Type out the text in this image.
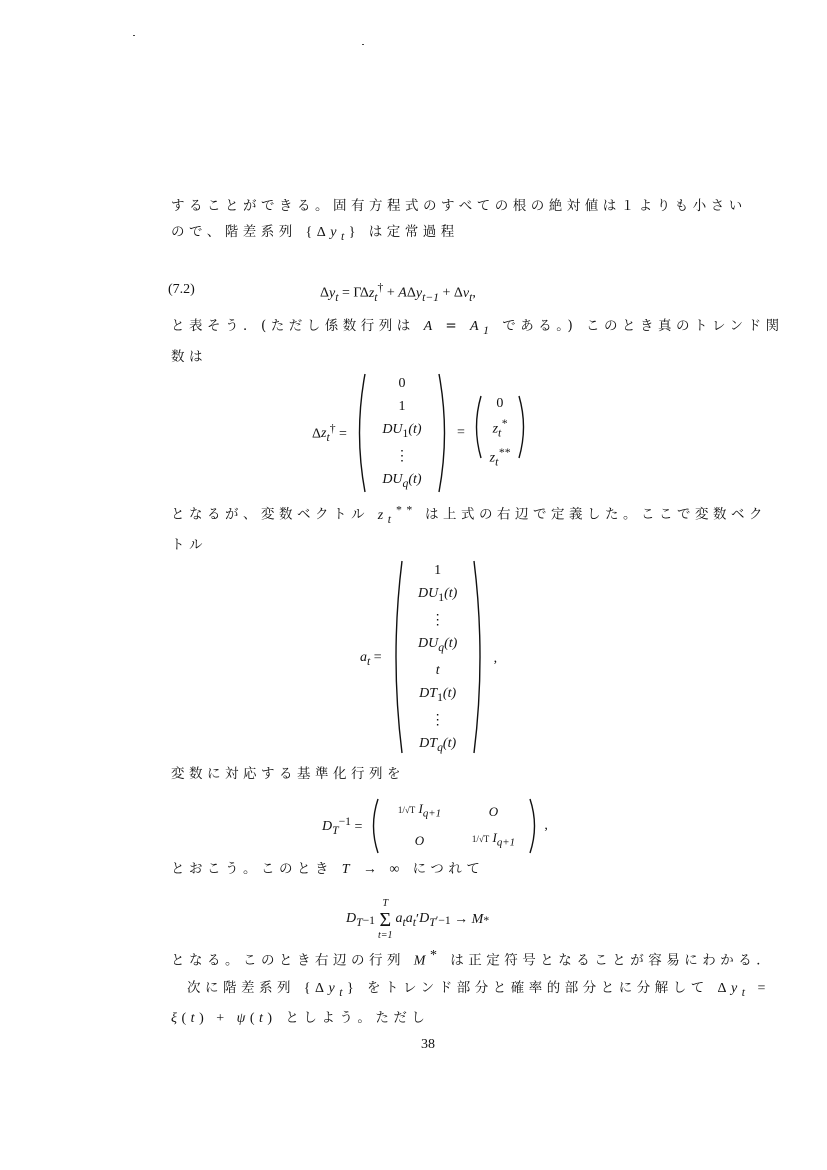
することができる。固有方程式のすべての根の絶対値は１よりも小さい
ので、階差系列 $\{\Delta y_t\}$ は定常過程
(7.2)	$\Delta y_t = \Gamma\Delta z_t^\dagger + A\Delta y_{t-1} + \Delta v_t$,
と表そう．(ただし係数行列は $A = A_1$ である。) このとき真のトレンド関
数は
$\Delta z_t^\dagger$ =
0
1
$DU_1(t)$
⋮
$DU_q(t)$
=
0
$z_t^*$
$z_t^{**}$
となるが、変数ベクトル $z_t^{**}$ は上式の右辺で定義した。ここで変数ベク
トル
$a_t$ =
1
$DU_1(t)$
⋮
$DU_q(t)$
t
$DT_1(t)$
⋮
$DT_q(t)$
,
変数に対応する基準化行列を
$D_T^{-1}$ =
1/√T $I_{q+1}$	O
O	1/√T $I_{q+1}$
,
とおこう。このとき T → ∞ につれて
$D_T -1$
T
Σ
t=1
$a_ta_t$ ′ $D_T$ ′−1 → M *
となる。このとき右辺の行列 M* は正定符号となることが容易にわかる．
次に階差系列 $\{\Delta y_t\}$ をトレンド部分と確率的部分とに分解して $\Delta y_t$ =
ξ(t) + ψ(t) としよう。ただし
38
